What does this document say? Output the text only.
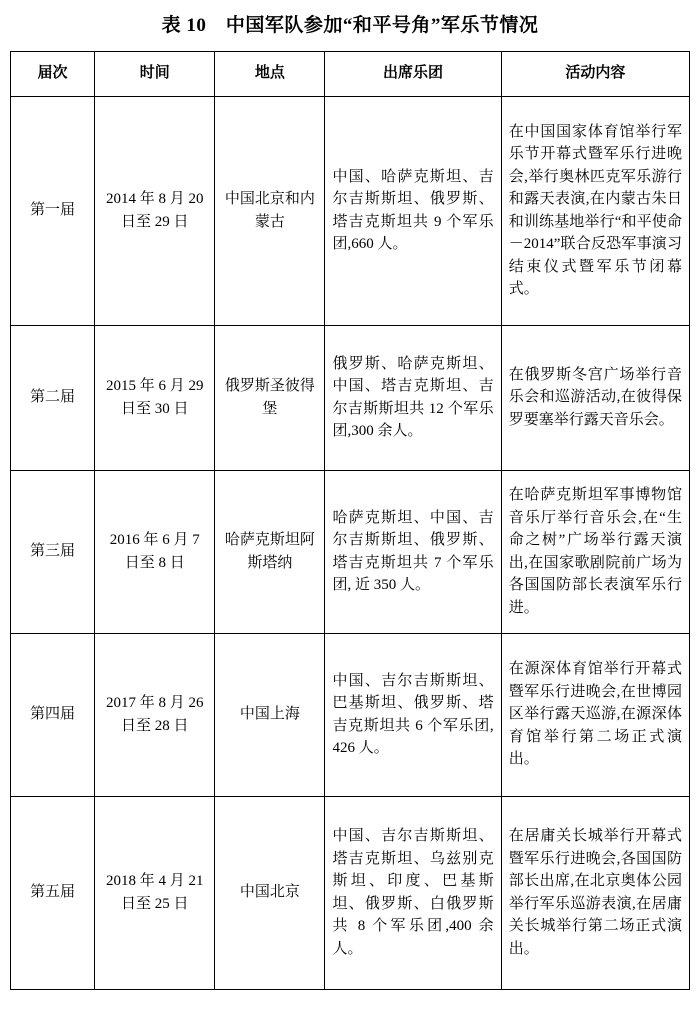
表 10　中国军队参加“和平号角”军乐节情况
届次	时间	地点	出席乐团	活动内容
第一届	2014 年 8 月 20 日至 29 日	中国北京和内蒙古	中国、哈萨克斯坦、吉尔吉斯斯坦、俄罗斯、塔吉克斯坦共 9 个军乐团,660 人。	在中国国家体育馆举行军乐节开幕式暨军乐行进晚会,举行奥林匹克军乐游行和露天表演,在内蒙古朱日和训练基地举行“和平使命－2014”联合反恐军事演习结束仪式暨军乐节闭幕式。
第二届	2015 年 6 月 29 日至 30 日	俄罗斯圣彼得堡	俄罗斯、哈萨克斯坦、中国、塔吉克斯坦、吉尔吉斯斯坦共 12 个军乐团,300 余人。	在俄罗斯冬宫广场举行音乐会和巡游活动,在彼得保罗要塞举行露天音乐会。
第三届	2016 年 6 月 7 日至 8 日	哈萨克斯坦阿斯塔纳	哈萨克斯坦、中国、吉尔吉斯斯坦、俄罗斯、塔吉克斯坦共 7 个军乐团, 近 350 人。	在哈萨克斯坦军事博物馆音乐厅举行音乐会,在“生命之树”广场举行露天演出,在国家歌剧院前广场为各国国防部长表演军乐行进。
第四届	2017 年 8 月 26 日至 28 日	中国上海	中国、吉尔吉斯斯坦、巴基斯坦、俄罗斯、塔吉克斯坦共 6 个军乐团, 426 人。	在源深体育馆举行开幕式暨军乐行进晚会,在世博园区举行露天巡游,在源深体育馆举行第二场正式演出。
第五届	2018 年 4 月 21 日至 25 日	中国北京	中国、吉尔吉斯斯坦、塔吉克斯坦、乌兹别克斯坦、印度、巴基斯坦、俄罗斯、白俄罗斯共 8 个军乐团,400 余人。	在居庸关长城举行开幕式暨军乐行进晚会,各国国防部长出席,在北京奥体公园举行军乐巡游表演,在居庸关长城举行第二场正式演出。
